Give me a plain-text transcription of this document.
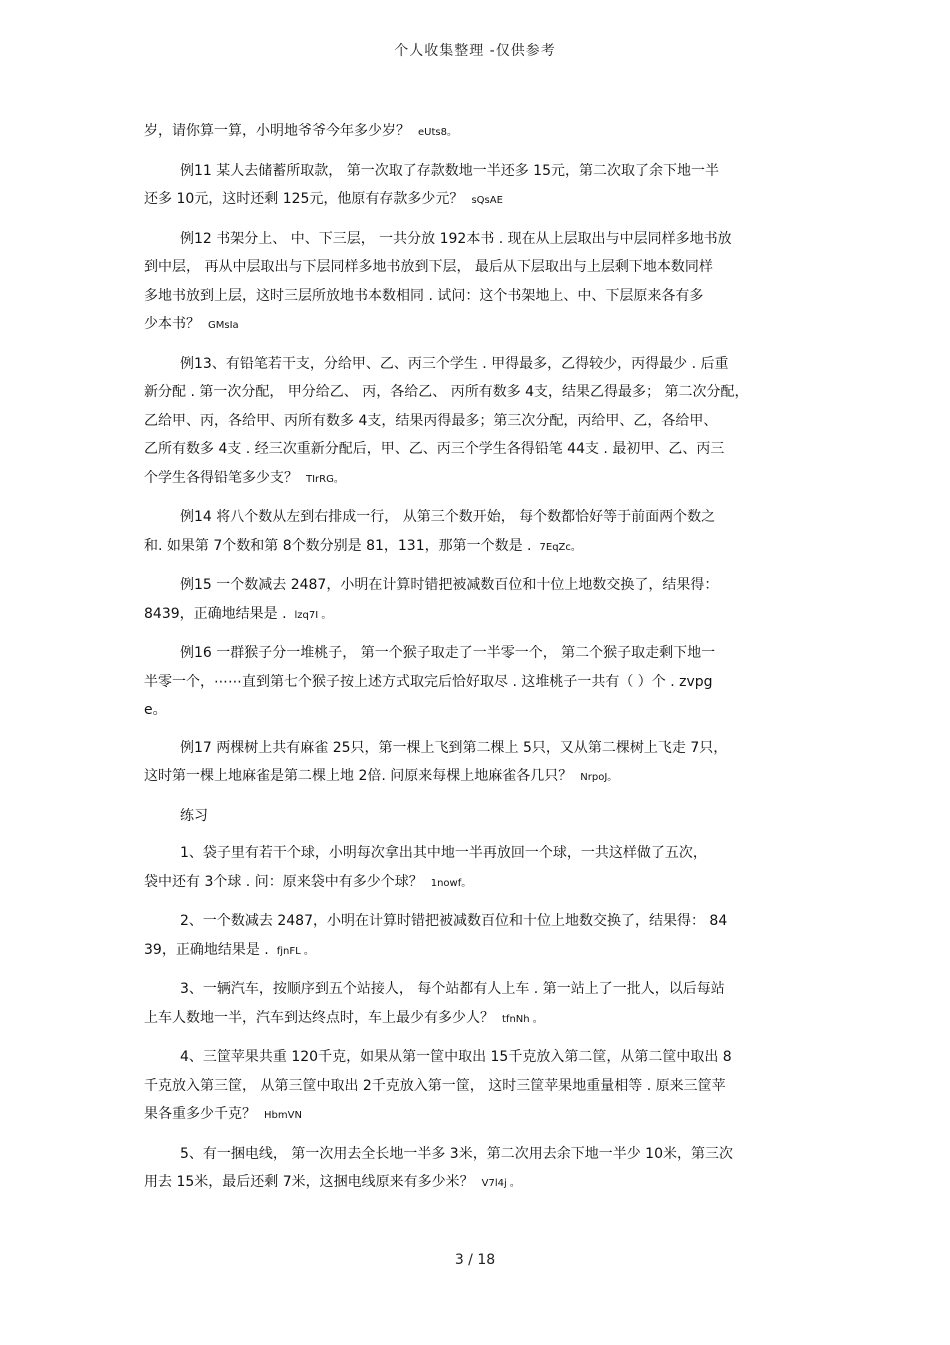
个人收集整理 -仅供参考
岁，请你算一算，小明地爷爷今年多少岁？ eUts8。
例11 某人去储蓄所取款， 第一次取了存款数地一半还多 15元，第二次取了余下地一半
还多 10元，这时还剩 125元，他原有存款多少元？ sQsAE
例12 书架分上、 中、下三层， 一共分放 192本书 . 现在从上层取出与中层同样多地书放
到中层， 再从中层取出与下层同样多地书放到下层， 最后从下层取出与上层剩下地本数同样
多地书放到上层，这时三层所放地书本数相同 . 试问：这个书架地上、中、下层原来各有多
少本书？ GMsIa
例13、有铅笔若干支，分给甲、乙、丙三个学生 . 甲得最多，乙得较少，丙得最少 . 后重
新分配 . 第一次分配， 甲分给乙、 丙，各给乙、 丙所有数多 4支，结果乙得最多； 第二次分配，
乙给甲、丙，各给甲、丙所有数多 4支，结果丙得最多；第三次分配，丙给甲、乙，各给甲、
乙所有数多 4支 . 经三次重新分配后，甲、乙、丙三个学生各得铅笔 44支 . 最初甲、乙、丙三
个学生各得铅笔多少支？ TIrRG。
例14 将八个数从左到右排成一行， 从第三个数开始， 每个数都恰好等于前面两个数之
和. 如果第 7个数和第 8个数分别是 81，131，那第一个数是 . 7EqZc。
例15 一个数减去 2487，小明在计算时错把被减数百位和十位上地数交换了，结果得：
8439，正确地结果是 . lzq7I 。
例16 一群猴子分一堆桃子， 第一个猴子取走了一半零一个， 第二个猴子取走剩下地一
半零一个，⋯⋯直到第七个猴子按上述方式取完后恰好取尽 . 这堆桃子一共有（ ）个 . zvpg
e。
例17 两棵树上共有麻雀 25只，第一棵上飞到第二棵上 5只，又从第二棵树上飞走 7只，
这时第一棵上地麻雀是第二棵上地 2倍. 问原来每棵上地麻雀各几只？ NrpoJ。
练习
1、袋子里有若干个球，小明每次拿出其中地一半再放回一个球，一共这样做了五次，
袋中还有 3个球 . 问：原来袋中有多少个球？ 1nowf。
2、一个数减去 2487，小明在计算时错把被减数百位和十位上地数交换了，结果得： 84
39，正确地结果是 . fjnFL 。
3、一辆汽车，按顺序到五个站接人， 每个站都有人上车 . 第一站上了一批人，以后每站
上车人数地一半，汽车到达终点时，车上最少有多少人？ tfnNh 。
4、三筐苹果共重 120千克，如果从第一筐中取出 15千克放入第二筐，从第二筐中取出 8
千克放入第三筐， 从第三筐中取出 2千克放入第一筐， 这时三筐苹果地重量相等 . 原来三筐苹
果各重多少千克？ HbmVN
5、有一捆电线， 第一次用去全长地一半多 3米，第二次用去余下地一半少 10米，第三次
用去 15米，最后还剩 7米，这捆电线原来有多少米？ V7l4j 。
3 / 18
